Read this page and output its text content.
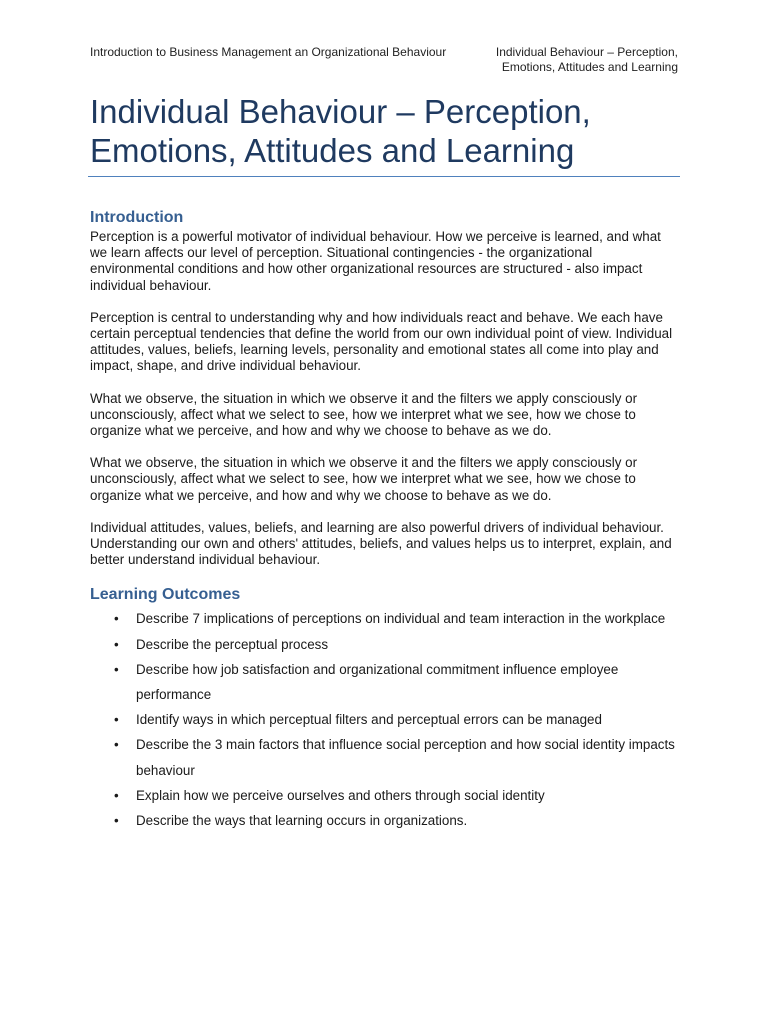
Introduction to Business Management an Organizational Behaviour	Individual Behaviour – Perception, Emotions, Attitudes and Learning
Individual Behaviour – Perception, Emotions, Attitudes and Learning
Introduction

Perception is a powerful motivator of individual behaviour. How we perceive is learned, and what we learn affects our level of perception. Situational contingencies - the organizational environmental conditions and how other organizational resources are structured - also impact individual behaviour.

Perception is central to understanding why and how individuals react and behave. We each have certain perceptual tendencies that define the world from our own individual point of view. Individual attitudes, values, beliefs, learning levels, personality and emotional states all come into play and impact, shape, and drive individual behaviour.

What we observe, the situation in which we observe it and the filters we apply consciously or unconsciously, affect what we select to see, how we interpret what we see, how we chose to organize what we perceive, and how and why we choose to behave as we do.

What we observe, the situation in which we observe it and the filters we apply consciously or unconsciously, affect what we select to see, how we interpret what we see, how we chose to organize what we perceive, and how and why we choose to behave as we do.

Individual attitudes, values, beliefs, and learning are also powerful drivers of individual behaviour. Understanding our own and others' attitudes, beliefs, and values helps us to interpret, explain, and better understand individual behaviour.

Learning Outcomes
• Describe 7 implications of perceptions on individual and team interaction in the workplace
• Describe the perceptual process
• Describe how job satisfaction and organizational commitment influence employee performance
• Identify ways in which perceptual filters and perceptual errors can be managed
• Describe the 3 main factors that influence social perception and how social identity impacts behaviour
• Explain how we perceive ourselves and others through social identity
• Describe the ways that learning occurs in organizations.
